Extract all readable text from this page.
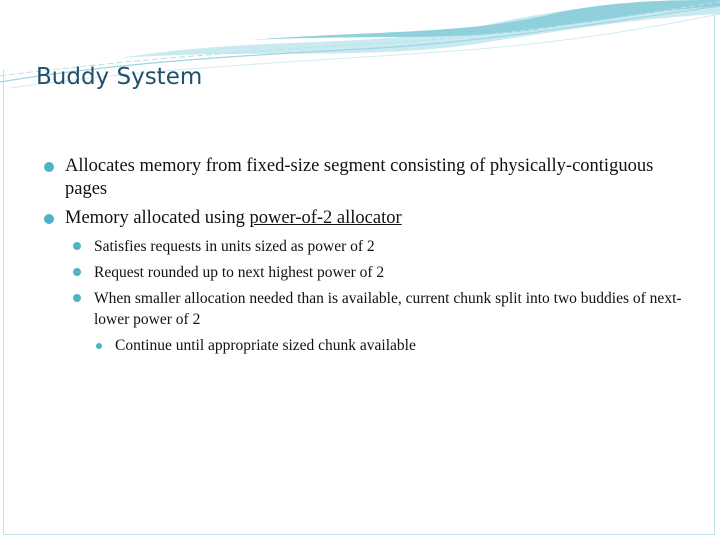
Buddy System
Allocates memory from fixed-size segment consisting of physically-contiguous pages
Memory allocated using power-of-2 allocator
Satisfies requests in units sized as power of 2
Request rounded up to next highest power of 2
When smaller allocation needed than is available, current chunk split into two buddies of next-lower power of 2
Continue until appropriate sized chunk available
